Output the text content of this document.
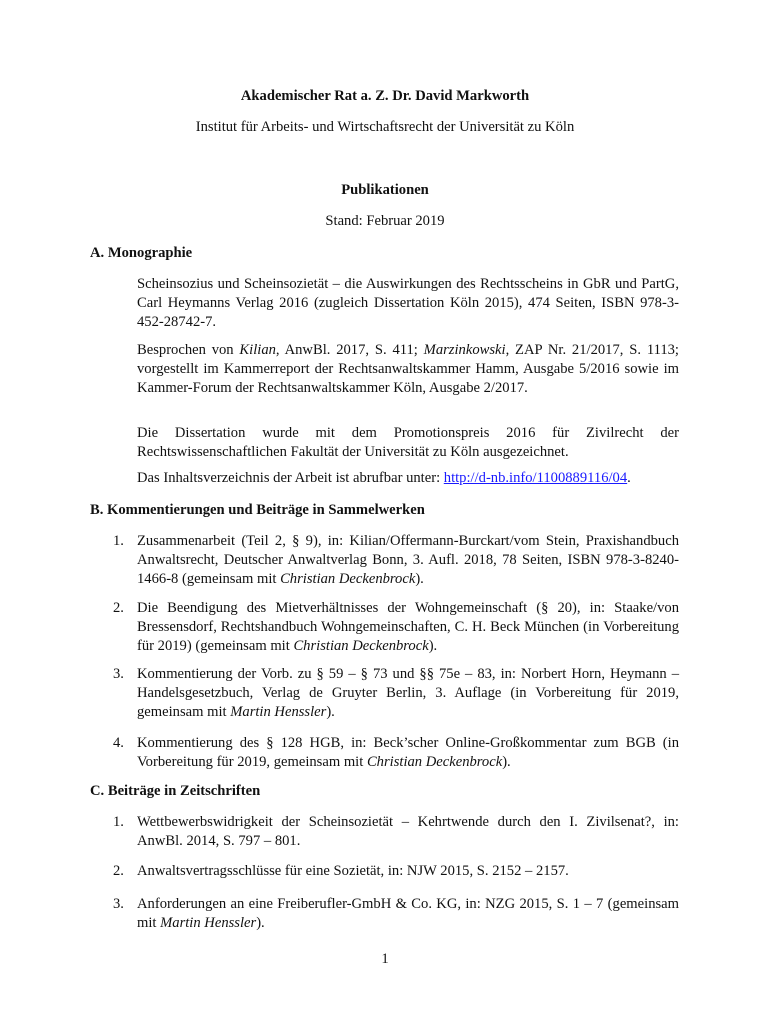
Akademischer Rat a. Z. Dr. David Markworth
Institut für Arbeits- und Wirtschaftsrecht der Universität zu Köln
Publikationen
Stand: Februar 2019
A. Monographie
Scheinsozius und Scheinsozietät – die Auswirkungen des Rechtsscheins in GbR und PartG, Carl Heymanns Verlag 2016 (zugleich Dissertation Köln 2015), 474 Seiten, ISBN 978-3-452-28742-7.
Besprochen von Kilian, AnwBl. 2017, S. 411; Marzinkowski, ZAP Nr. 21/2017, S. 1113; vorgestellt im Kammerreport der Rechtsanwaltskammer Hamm, Ausgabe 5/2016 sowie im Kammer-Forum der Rechtsanwaltskammer Köln, Ausgabe 2/2017.
Die Dissertation wurde mit dem Promotionspreis 2016 für Zivilrecht der Rechtswissenschaftlichen Fakultät der Universität zu Köln ausgezeichnet.
Das Inhaltsverzeichnis der Arbeit ist abrufbar unter: http://d-nb.info/1100889116/04.
B. Kommentierungen und Beiträge in Sammelwerken
1. Zusammenarbeit (Teil 2, § 9), in: Kilian/Offermann-Burckart/vom Stein, Praxishandbuch Anwaltsrecht, Deutscher Anwaltverlag Bonn, 3. Aufl. 2018, 78 Seiten, ISBN 978-3-8240-1466-8 (gemeinsam mit Christian Deckenbrock).
2. Die Beendigung des Mietverhältnisses der Wohngemeinschaft (§ 20), in: Staake/von Bressensdorf, Rechtshandbuch Wohngemeinschaften, C. H. Beck München (in Vorbereitung für 2019) (gemeinsam mit Christian Deckenbrock).
3. Kommentierung der Vorb. zu § 59 – § 73 und §§ 75e – 83, in: Norbert Horn, Heymann – Handelsgesetzbuch, Verlag de Gruyter Berlin, 3. Auflage (in Vorbereitung für 2019, gemeinsam mit Martin Henssler).
4. Kommentierung des § 128 HGB, in: Beck’scher Online-Großkommentar zum BGB (in Vorbereitung für 2019, gemeinsam mit Christian Deckenbrock).
C. Beiträge in Zeitschriften
1. Wettbewerbswidrigkeit der Scheinsozietät – Kehrtwende durch den I. Zivilsenat?, in: AnwBl. 2014, S. 797 – 801.
2. Anwaltsvertragsschlüsse für eine Sozietät, in: NJW 2015, S. 2152 – 2157.
3. Anforderungen an eine Freiberufler-GmbH & Co. KG, in: NZG 2015, S. 1 – 7 (gemeinsam mit Martin Henssler).
1
